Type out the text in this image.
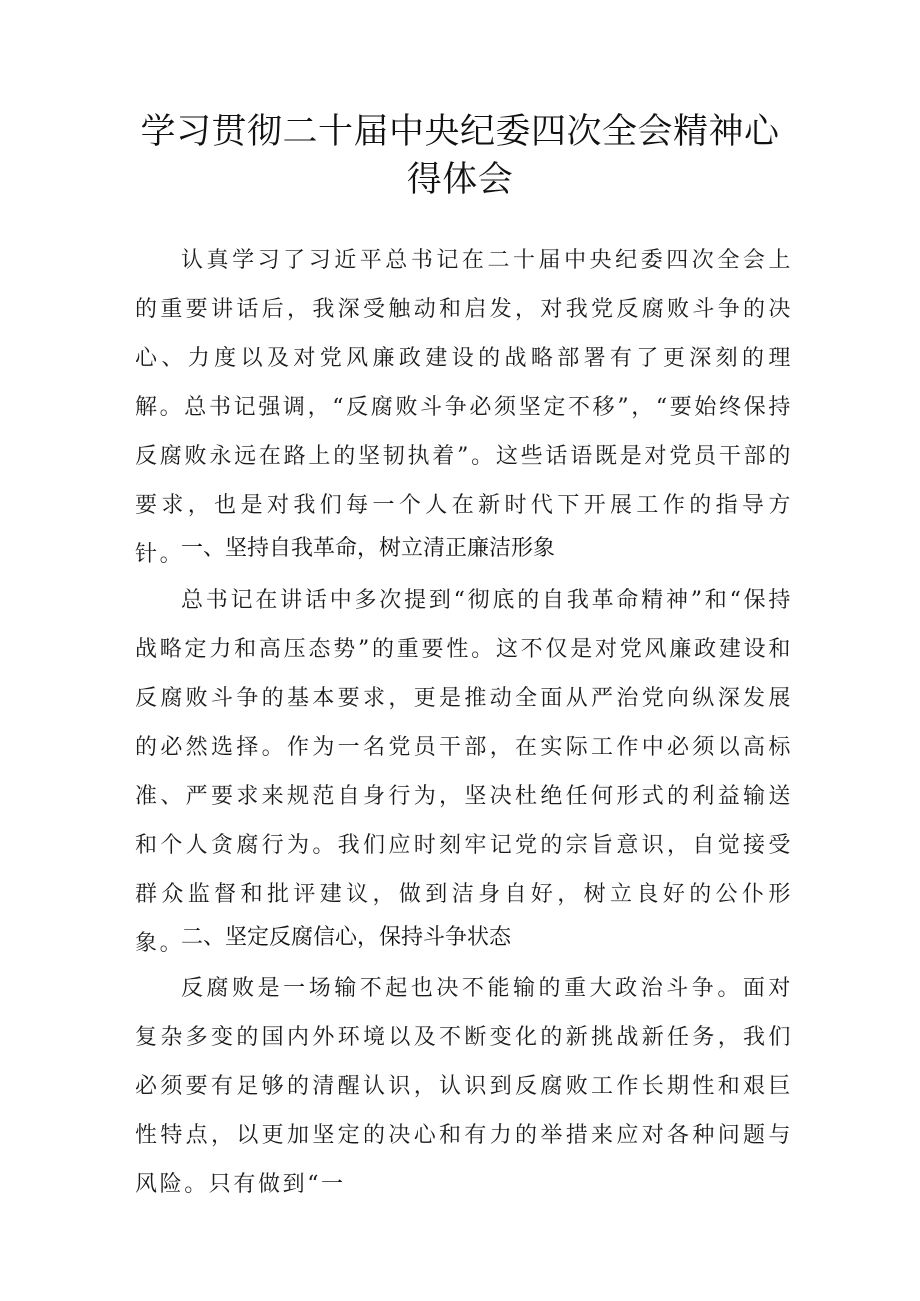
学习贯彻二十届中央纪委四次全会精神心
得体会

认真学习了习近平总书记在二十届中央纪委四次全会上的重要讲话后，我深受触动和启发，对我党反腐败斗争的决心、力度以及对党风廉政建设的战略部署有了更深刻的理解。总书记强调，“反腐败斗争必须坚定不移”，“要始终保持反腐败永远在路上的坚韧执着”。这些话语既是对党员干部的要求，也是对我们每一个人在新时代下开展工作的指导方针。

一、坚持自我革命，树立清正廉洁形象

总书记在讲话中多次提到“彻底的自我革命精神”和“保持战略定力和高压态势”的重要性。这不仅是对党风廉政建设和反腐败斗争的基本要求，更是推动全面从严治党向纵深发展的必然选择。作为一名党员干部，在实际工作中必须以高标准、严要求来规范自身行为，坚决杜绝任何形式的利益输送和个人贪腐行为。我们应时刻牢记党的宗旨意识，自觉接受群众监督和批评建议，做到洁身自好，树立良好的公仆形象。

二、坚定反腐信心，保持斗争状态

反腐败是一场输不起也决不能输的重大政治斗争。面对复杂多变的国内外环境以及不断变化的新挑战新任务，我们必须要有足够的清醒认识，认识到反腐败工作长期性和艰巨性特点，以更加坚定的决心和有力的举措来应对各种问题与风险。只有做到“一
